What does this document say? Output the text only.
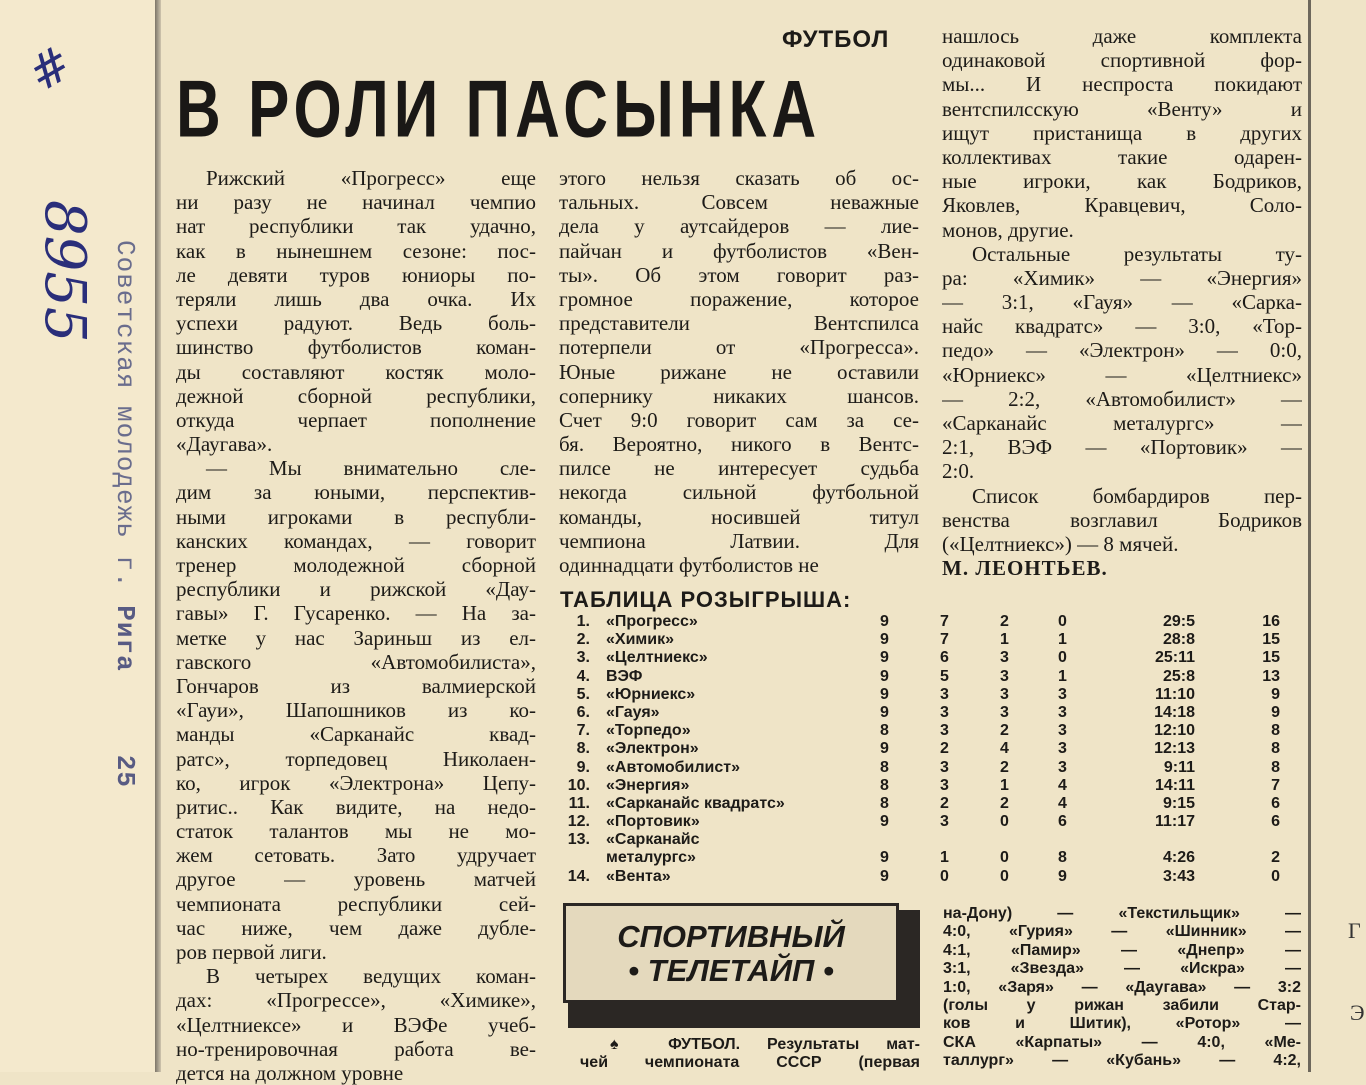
#
8955 Советская молодежь г. Рига     25
ФУТБОЛ
В РОЛИ ПАСЫНКА
Рижский «Прогресс» еще
ни разу не начинал чемпио
нат республики так удачно,
как в нынешнем сезоне: пос-
ле девяти туров юниоры по-
теряли лишь два очка. Их
успехи радуют. Ведь боль-
шинство футболистов коман-
ды составляют костяк моло-
дежной сборной республики,
откуда черпает пополнение
«Даугава».
— Мы внимательно сле-
дим за юными, перспектив-
ными игроками в республи-
канских командах, — говорит
тренер молодежной сборной
республики и рижской «Дау-
гавы» Г. Гусаренко. — На за-
метке у нас Зариньш из ел-
гавского «Автомобилиста»,
Гончаров из валмиерской
«Гауи», Шапошников из ко-
манды «Сарканайс квад-
ратс», торпедовец Николаен-
ко, игрок «Электрона» Цепу-
ритис.. Как видите, на недо-
статок талантов мы не мо-
жем сетовать. Зато удручает
другое — уровень матчей
чемпионата республики сей-
час ниже, чем даже дубле-
ров первой лиги.
В четырех ведущих коман-
дах: «Прогрессе», «Химике»,
«Целтниексе» и ВЭФе учеб-
но-тренировочная работа ве-
дется на должном уровне
этого нельзя сказать об ос-
тальных. Совсем неважные
дела у аутсайдеров — лие-
пайчан и футболистов «Вен-
ты». Об этом говорит раз-
громное поражение, которое
представители Вентспилса
потерпели от «Прогресса».
Юные рижане не оставили
сопернику никаких шансов.
Счет 9:0 говорит сам за се-
бя. Вероятно, никого в Вентс-
пилсе не интересует судьба
некогда сильной футбольной
команды, носившей титул
чемпиона Латвии. Для
одиннадцати футболистов не
нашлось даже комплекта
одинаковой спортивной фор-
мы... И неспроста покидают
вентспилсскую «Венту» и
ищут пристанища в других
коллективах такие одарен-
ные игроки, как Бодриков,
Яковлев, Кравцевич, Соло-
монов, другие.
Остальные результаты ту-
ра: «Химик» — «Энергия»
— 3:1, «Гауя» — «Сарка-
найс квадратс» — 3:0, «Тор-
педо» — «Электрон» — 0:0,
«Юрниекс» — «Целтниекс»
— 2:2, «Автомобилист» —
«Сарканайс металургс» —
2:1, ВЭФ — «Портовик» —
2:0.
Список бомбардиров пер-
венства возглавил Бодриков
(«Целтниекс») — 8 мячей.
М. ЛЕОНТЬЕВ.
ТАБЛИЦА РОЗЫГРЫША:
1. «Прогресс»	9	7	2	0	29:5	16
2. «Химик»	9	7	1	1	28:8	15
3. «Целтниекс»	9	6	3	0	25:11	15
4. ВЭФ	9	5	3	1	25:8	13
5. «Юрниекс»	9	3	3	3	11:10	9
6. «Гауя»	9	3	3	3	14:18	9
7. «Торпедо»	8	3	2	3	12:10	8
8. «Электрон»	9	2	4	3	12:13	8
9. «Автомобилист»	8	3	2	3	9:11	8
10. «Энергия»	8	3	1	4	14:11	7
11. «Сарканайс квадратс»	8	2	2	4	9:15	6
12. «Портовик»	9	3	0	6	11:17	6
13. «Сарканайс
металургс»	9	1	0	8	4:26	2
14. «Вента»	9	0	0	9	3:43	0
СПОРТИВНЫЙ
• ТЕЛЕТАЙП •
♠ ФУТБОЛ. Результаты мат-
чей чемпионата СССР (первая
на-Дону) — «Текстильщик» —
4:0, «Гурия» — «Шинник» —
4:1, «Памир» — «Днепр» —
3:1, «Звезда» — «Искра» —
1:0, «Заря» — «Даугава» — 3:2
(голы у рижан забили Стар-
ков и Шитик), «Ротор» —
СКА «Карпаты» — 4:0, «Ме-
таллург» — «Кубань» — 4:2,
Г
Э
